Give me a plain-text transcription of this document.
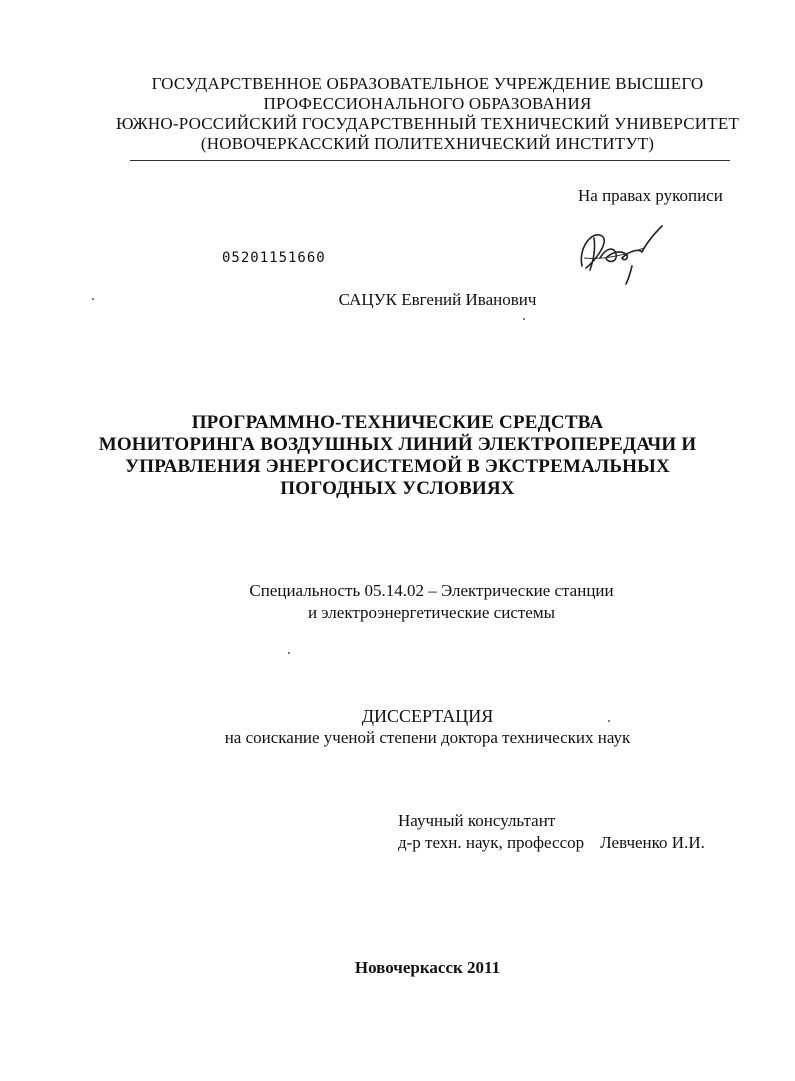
ГОСУДАРСТВЕННОЕ ОБРАЗОВАТЕЛЬНОЕ УЧРЕЖДЕНИЕ ВЫСШЕГО
ПРОФЕССИОНАЛЬНОГО ОБРАЗОВАНИЯ
ЮЖНО-РОССИЙСКИЙ ГОСУДАРСТВЕННЫЙ ТЕХНИЧЕСКИЙ УНИВЕРСИТЕТ
(НОВОЧЕРКАССКИЙ ПОЛИТЕХНИЧЕСКИЙ ИНСТИТУТ)
На правах рукописи
05201151660
САЦУК Евгений Иванович
ПРОГРАММНО-ТЕХНИЧЕСКИЕ СРЕДСТВА
МОНИТОРИНГА ВОЗДУШНЫХ ЛИНИЙ ЭЛЕКТРОПЕРЕДАЧИ И
УПРАВЛЕНИЯ ЭНЕРГОСИСТЕМОЙ В ЭКСТРЕМАЛЬНЫХ
ПОГОДНЫХ УСЛОВИЯХ
Специальность 05.14.02 – Электрические станции
и электроэнергетические системы
ДИССЕРТАЦИЯ
на соискание ученой степени доктора технических наук
Научный консультант
д-р техн. наук, профессор Левченко И.И.
Новочеркасск 2011
